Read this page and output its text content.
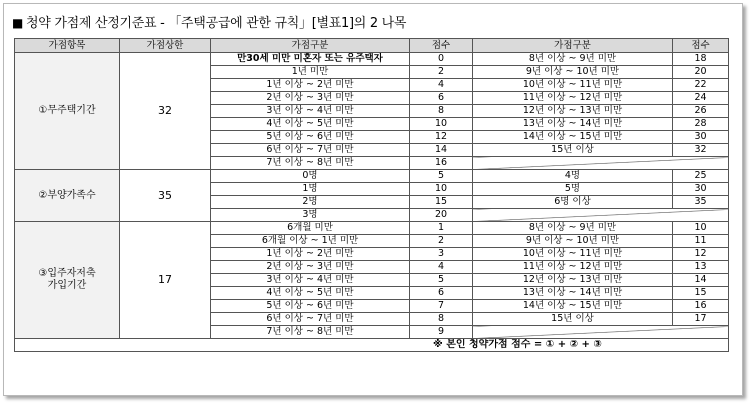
■ 청약 가점제 산정기준표 - 「주택공급에 관한 규칙」[별표1]의 2 나목
가점항목	가점상한	가점구분	점수	가점구분	점수

①무주택기간	32	만30세 미만 미혼자 또는 유주택자	0	8년 이상 ~ 9년 미만	18
		1년 미만	2	9년 이상 ~ 10년 미만	20
		1년 이상 ~ 2년 미만	4	10년 이상 ~ 11년 미만	22
		2년 이상 ~ 3년 미만	6	11년 이상 ~ 12년 미만	24
		3년 이상 ~ 4년 미만	8	12년 이상 ~ 13년 미만	26
		4년 이상 ~ 5년 미만	10	13년 이상 ~ 14년 미만	28
		5년 이상 ~ 6년 미만	12	14년 이상 ~ 15년 미만	30
		6년 이상 ~ 7년 미만	14	15년 이상	32
		7년 이상 ~ 8년 미만	16		

②부양가족수	35	0명	5	4명	25
		1명	10	5명	30
		2명	15	6명 이상	35
		3명	20		

③입주자저축
가입기간	17	6개월 미만	1	8년 이상 ~ 9년 미만	10
		6개월 이상 ~ 1년 미만	2	9년 이상 ~ 10년 미만	11
		1년 이상 ~ 2년 미만	3	10년 이상 ~ 11년 미만	12
		2년 이상 ~ 3년 미만	4	11년 이상 ~ 12년 미만	13
		3년 이상 ~ 4년 미만	5	12년 이상 ~ 13년 미만	14
		4년 이상 ~ 5년 미만	6	13년 이상 ~ 14년 미만	15
		5년 이상 ~ 6년 미만	7	14년 이상 ~ 15년 미만	16
		6년 이상 ~ 7년 미만	8	15년 이상	17
		7년 이상 ~ 8년 미만	9		
※ 본인 청약가점 점수 = ① + ② + ③					
